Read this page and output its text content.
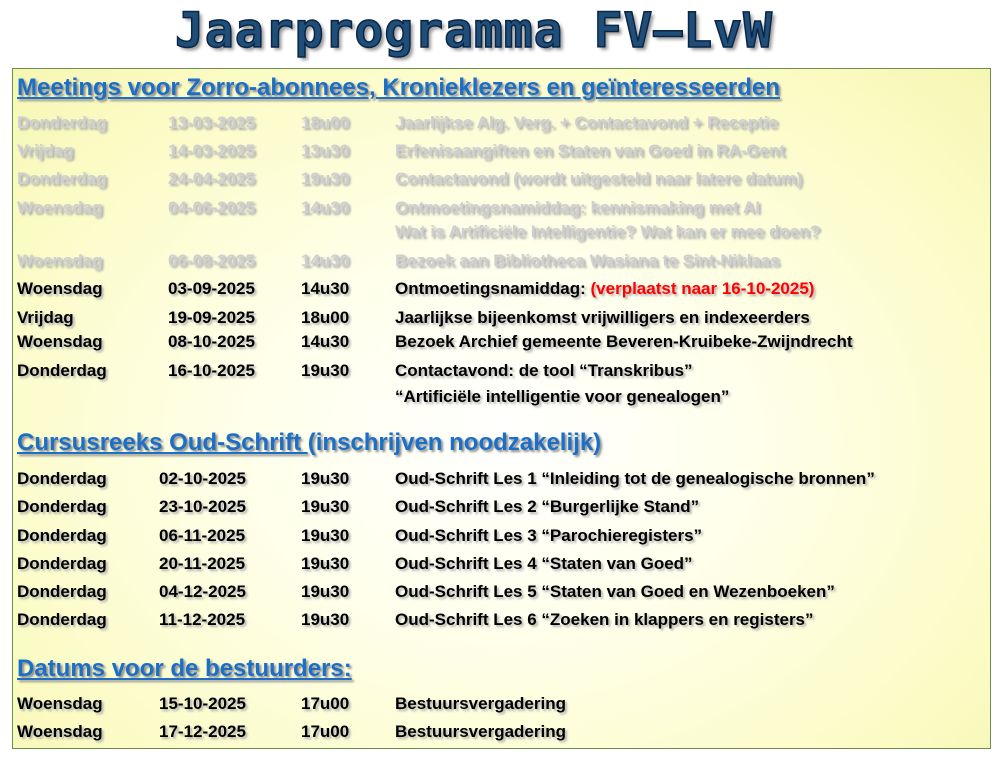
Jaarprogramma FV–LvW
Meetings voor Zorro-abonnees, Kronieklezers en geïnteresseerden
Donderdag	13-03-2025	18u00	Jaarlijkse Alg. Verg. + Contactavond + Receptie
Vrijdag	14-03-2025	13u30	Erfenisaangiften en Staten van Goed in RA-Gent
Donderdag	24-04-2025	19u30	Contactavond (wordt uitgesteld naar latere datum)
Woensdag	04-06-2025	14u30	Ontmoetingsnamiddag: kennismaking met AI
Wat is Artificiële Intelligentie? Wat kan er mee doen?
Woensdag	06-08-2025	14u30	Bezoek aan Bibliotheca Wasiana te Sint-Niklaas
Woensdag	03-09-2025	14u30	Ontmoetingsnamiddag: (verplaatst naar 16-10-2025)
Vrijdag	19-09-2025	18u00	Jaarlijkse bijeenkomst vrijwilligers en indexeerders
Woensdag	08-10-2025	14u30	Bezoek Archief gemeente Beveren-Kruibeke-Zwijndrecht
Donderdag	16-10-2025	19u30	Contactavond: de tool “Transkribus”
“Artificiële intelligentie voor genealogen”
Cursusreeks Oud-Schrift (inschrijven noodzakelijk)
Donderdag	02-10-2025	19u30	Oud-Schrift Les 1 “Inleiding tot de genealogische bronnen”
Donderdag	23-10-2025	19u30	Oud-Schrift Les 2 “Burgerlijke Stand”
Donderdag	06-11-2025	19u30	Oud-Schrift Les 3 “Parochieregisters”
Donderdag	20-11-2025	19u30	Oud-Schrift Les 4 “Staten van Goed”
Donderdag	04-12-2025	19u30	Oud-Schrift Les 5 “Staten van Goed en Wezenboeken”
Donderdag	11-12-2025	19u30	Oud-Schrift Les 6 “Zoeken in klappers en registers”
Datums voor de bestuurders:
Woensdag	15-10-2025	17u00	Bestuursvergadering
Woensdag	17-12-2025	17u00	Bestuursvergadering
